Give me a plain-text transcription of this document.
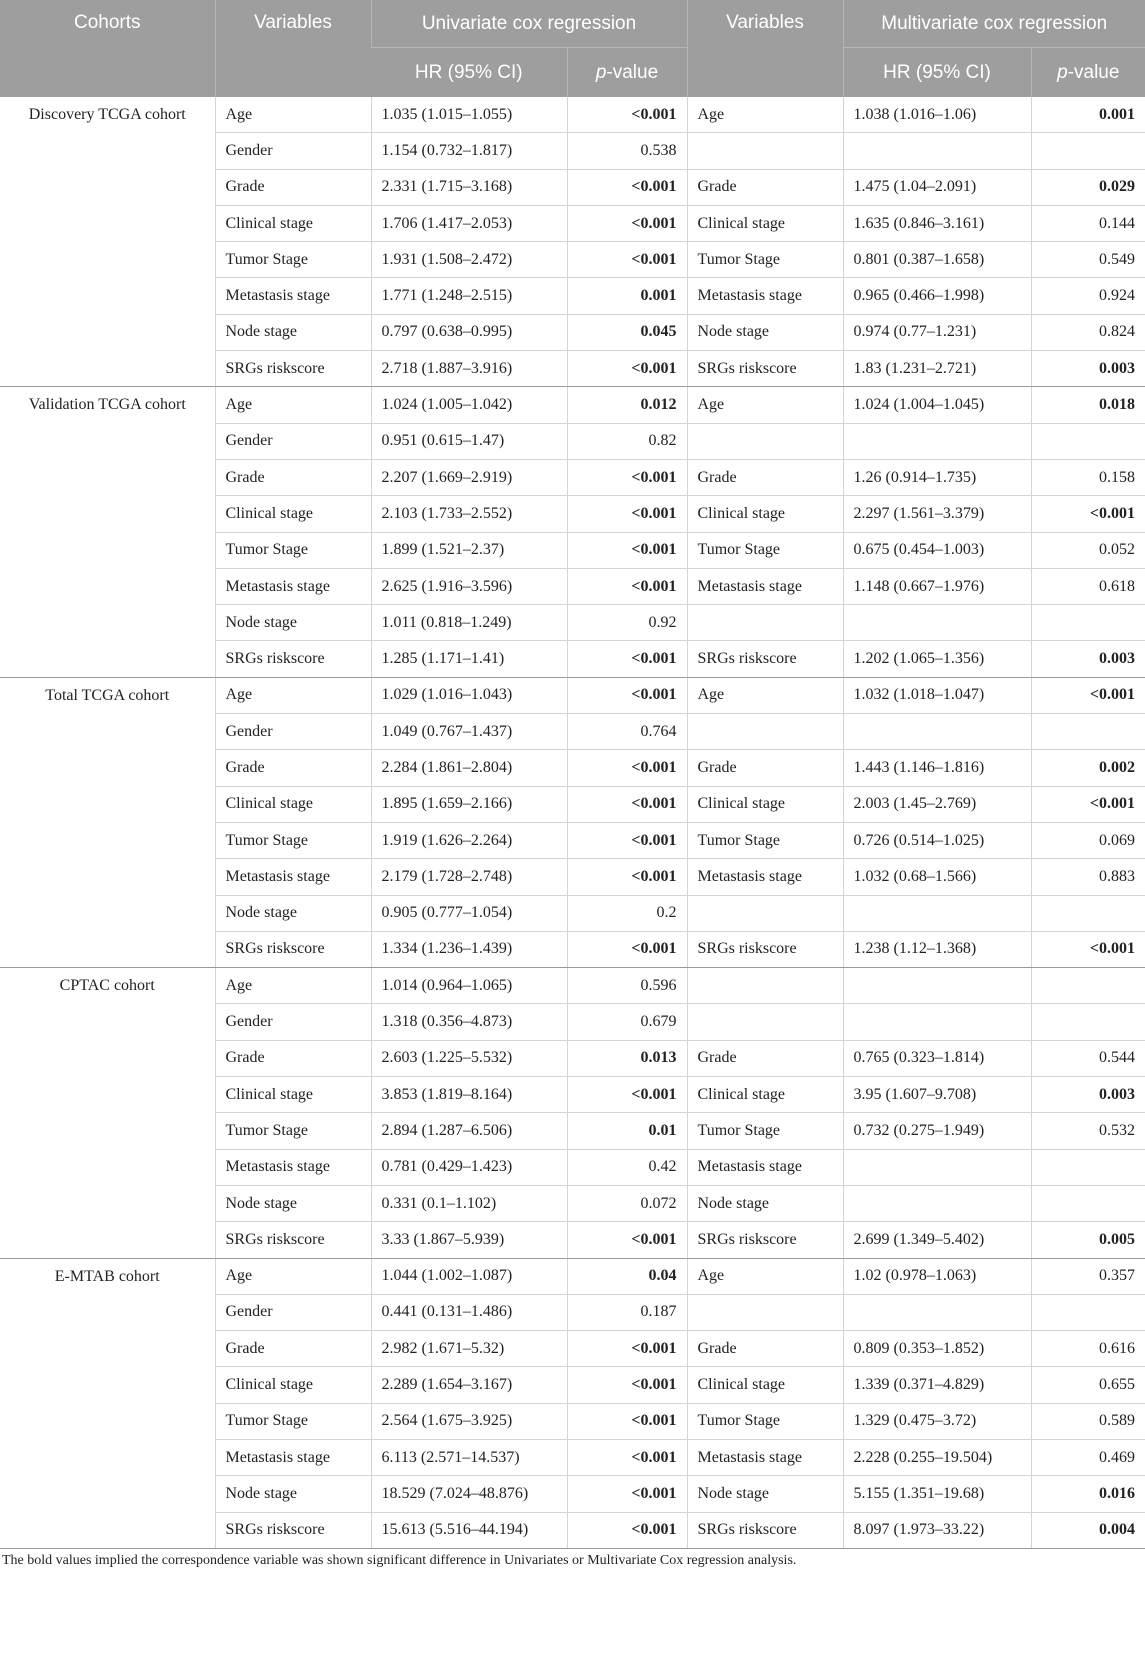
Cohorts	Variables	Univariate cox regression		Variables	Multivariate cox regression	
		HR (95% CI)	p-value		HR (95% CI)	p-value
Discovery TCGA cohort	Age	1.035 (1.015–1.055)	<0.001	Age	1.038 (1.016–1.06)	0.001
	Gender	1.154 (0.732–1.817)	0.538			
	Grade	2.331 (1.715–3.168)	<0.001	Grade	1.475 (1.04–2.091)	0.029
	Clinical stage	1.706 (1.417–2.053)	<0.001	Clinical stage	1.635 (0.846–3.161)	0.144
	Tumor Stage	1.931 (1.508–2.472)	<0.001	Tumor Stage	0.801 (0.387–1.658)	0.549
	Metastasis stage	1.771 (1.248–2.515)	0.001	Metastasis stage	0.965 (0.466–1.998)	0.924
	Node stage	0.797 (0.638–0.995)	0.045	Node stage	0.974 (0.77–1.231)	0.824
	SRGs riskscore	2.718 (1.887–3.916)	<0.001	SRGs riskscore	1.83 (1.231–2.721)	0.003
Validation TCGA cohort	Age	1.024 (1.005–1.042)	0.012	Age	1.024 (1.004–1.045)	0.018
	Gender	0.951 (0.615–1.47)	0.82			
	Grade	2.207 (1.669–2.919)	<0.001	Grade	1.26 (0.914–1.735)	0.158
	Clinical stage	2.103 (1.733–2.552)	<0.001	Clinical stage	2.297 (1.561–3.379)	<0.001
	Tumor Stage	1.899 (1.521–2.37)	<0.001	Tumor Stage	0.675 (0.454–1.003)	0.052
	Metastasis stage	2.625 (1.916–3.596)	<0.001	Metastasis stage	1.148 (0.667–1.976)	0.618
	Node stage	1.011 (0.818–1.249)	0.92			
	SRGs riskscore	1.285 (1.171–1.41)	<0.001	SRGs riskscore	1.202 (1.065–1.356)	0.003
Total TCGA cohort	Age	1.029 (1.016–1.043)	<0.001	Age	1.032 (1.018–1.047)	<0.001
	Gender	1.049 (0.767–1.437)	0.764			
	Grade	2.284 (1.861–2.804)	<0.001	Grade	1.443 (1.146–1.816)	0.002
	Clinical stage	1.895 (1.659–2.166)	<0.001	Clinical stage	2.003 (1.45–2.769)	<0.001
	Tumor Stage	1.919 (1.626–2.264)	<0.001	Tumor Stage	0.726 (0.514–1.025)	0.069
	Metastasis stage	2.179 (1.728–2.748)	<0.001	Metastasis stage	1.032 (0.68–1.566)	0.883
	Node stage	0.905 (0.777–1.054)	0.2			
	SRGs riskscore	1.334 (1.236–1.439)	<0.001	SRGs riskscore	1.238 (1.12–1.368)	<0.001
CPTAC cohort	Age	1.014 (0.964–1.065)	0.596			
	Gender	1.318 (0.356–4.873)	0.679			
	Grade	2.603 (1.225–5.532)	0.013	Grade	0.765 (0.323–1.814)	0.544
	Clinical stage	3.853 (1.819–8.164)	<0.001	Clinical stage	3.95 (1.607–9.708)	0.003
	Tumor Stage	2.894 (1.287–6.506)	0.01	Tumor Stage	0.732 (0.275–1.949)	0.532
	Metastasis stage	0.781 (0.429–1.423)	0.42	Metastasis stage		
	Node stage	0.331 (0.1–1.102)	0.072	Node stage		
	SRGs riskscore	3.33 (1.867–5.939)	<0.001	SRGs riskscore	2.699 (1.349–5.402)	0.005
E-MTAB cohort	Age	1.044 (1.002–1.087)	0.04	Age	1.02 (0.978–1.063)	0.357
	Gender	0.441 (0.131–1.486)	0.187			
	Grade	2.982 (1.671–5.32)	<0.001	Grade	0.809 (0.353–1.852)	0.616
	Clinical stage	2.289 (1.654–3.167)	<0.001	Clinical stage	1.339 (0.371–4.829)	0.655
	Tumor Stage	2.564 (1.675–3.925)	<0.001	Tumor Stage	1.329 (0.475–3.72)	0.589
	Metastasis stage	6.113 (2.571–14.537)	<0.001	Metastasis stage	2.228 (0.255–19.504)	0.469
	Node stage	18.529 (7.024–48.876)	<0.001	Node stage	5.155 (1.351–19.68)	0.016
	SRGs riskscore	15.613 (5.516–44.194)	<0.001	SRGs riskscore	8.097 (1.973–33.22)	0.004
The bold values implied the correspondence variable was shown significant difference in Univariates or Multivariate Cox regression analysis.
